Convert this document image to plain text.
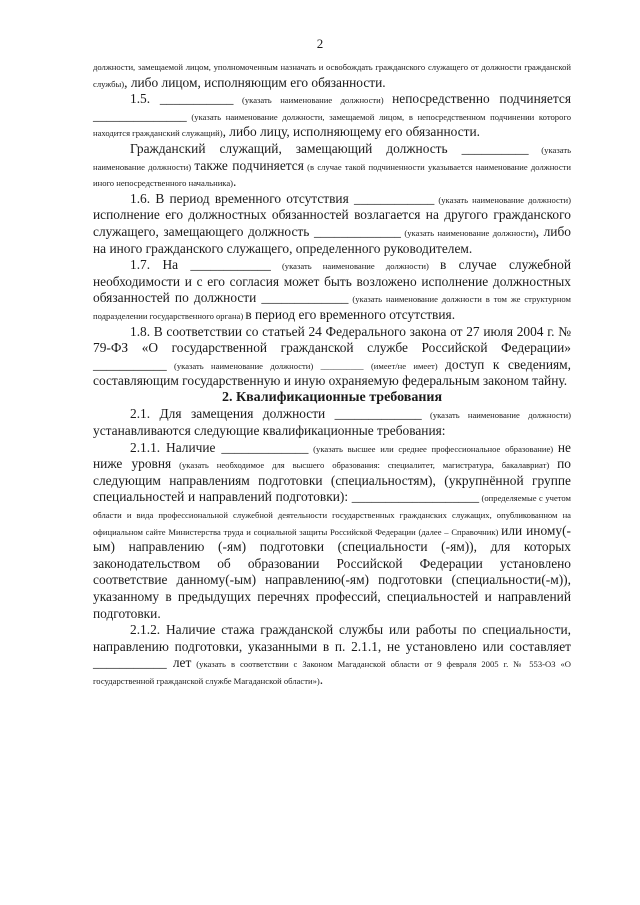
2

должности, замещаемой лицом, уполномоченным назначать и освобождать гражданского служащего от должности гражданской службы), либо лицом, исполняющим его обязанности.

1.5. ___________ (указать наименование должности) непосредственно подчиняется ______________ (указать наименование должности, замещаемой лицом, в непосредственном подчинении которого находится гражданский служащий), либо лицу, исполняющему его обязанности.

Гражданский служащий, замещающий должность __________ (указать наименование должности) также подчиняется (в случае такой подчиненности указывается наименование должности иного непосредственного начальника).

1.6. В период временного отсутствия ____________ (указать наименование должности) исполнение его должностных обязанностей возлагается на другого гражданского служащего, замещающего должность _____________ (указать наименование должности), либо на иного гражданского служащего, определенного руководителем.

1.7. На ____________ (указать наименование должности) в случае служебной необходимости и с его согласия может быть возложено исполнение должностных обязанностей по должности _____________ (указать наименование должности в том же структурном подразделении государственного органа) в период его временного отсутствия.

1.8. В соответствии со статьей 24 Федерального закона от 27 июля 2004 г. № 79-ФЗ «О государственной гражданской службе Российской Федерации» ___________ (указать наименование должности) __________ (имеет/не имеет) доступ к сведениям, составляющим государственную и иную охраняемую федеральным законом тайну.

2. Квалификационные требования

2.1. Для замещения должности _____________ (указать наименование должности) устанавливаются следующие квалификационные требования:

2.1.1. Наличие _____________ (указать высшее или среднее профессиональное образование) не ниже уровня (указать необходимое для высшего образования: специалитет, магистратура, бакалавриат) по следующим направлениям подготовки (специальностям), (укрупнённой группе специальностей и направлений подготовки): ___________________ (определяемые с учетом области и вида профессиональной служебной деятельности государственных гражданских служащих, опубликованном на официальном сайте Министерства труда и социальной защиты Российской Федерации (далее – Справочник) или иному(-ым) направлению (-ям) подготовки (специальности (-ям)), для которых законодательством об образовании Российской Федерации установлено соответствие данному(-ым) направлению(-ям) подготовки (специальности(-м)), указанному в предыдущих перечнях профессий, специальностей и направлений подготовки.

2.1.2. Наличие стажа гражданской службы или работы по специальности, направлению подготовки, указанными в п. 2.1.1, не установлено или составляет ___________ лет (указать в соответствии с Законом Магаданской области от 9 февраля 2005 г. № 553-ОЗ «О государственной гражданской службе Магаданской области»).
